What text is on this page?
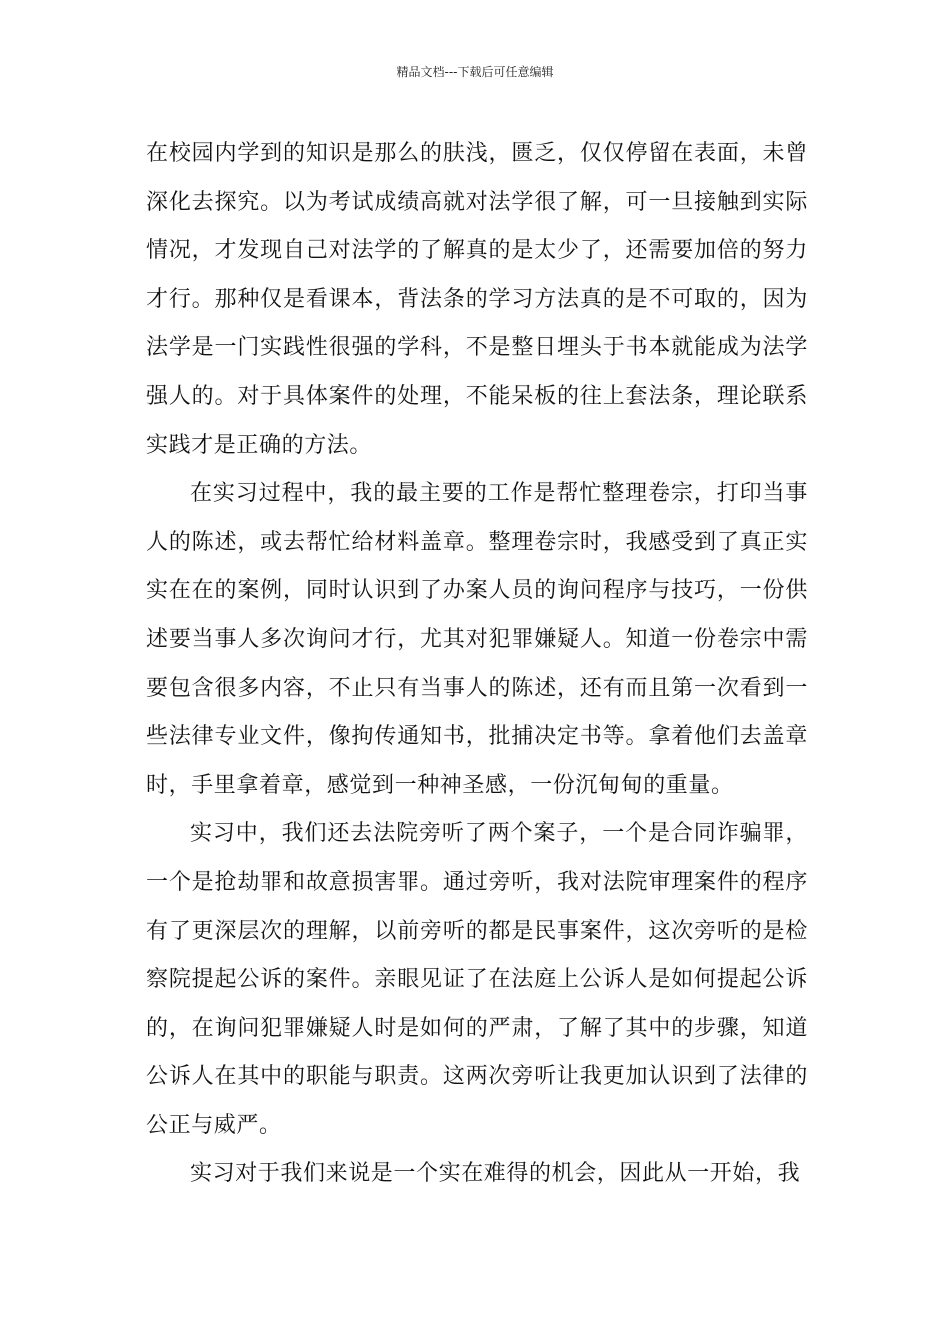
精品文档---下载后可任意编辑

在校园内学到的知识是那么的肤浅，匮乏，仅仅停留在表面，未曾深化去探究。以为考试成绩高就对法学很了解，可一旦接触到实际情况，才发现自己对法学的了解真的是太少了，还需要加倍的努力才行。那种仅是看课本，背法条的学习方法真的是不可取的，因为法学是一门实践性很强的学科，不是整日埋头于书本就能成为法学强人的。对于具体案件的处理，不能呆板的往上套法条，理论联系实践才是正确的方法。

在实习过程中，我的最主要的工作是帮忙整理卷宗，打印当事人的陈述，或去帮忙给材料盖章。整理卷宗时，我感受到了真正实实在在的案例，同时认识到了办案人员的询问程序与技巧，一份供述要当事人多次询问才行，尤其对犯罪嫌疑人。知道一份卷宗中需要包含很多内容，不止只有当事人的陈述，还有而且第一次看到一些法律专业文件，像拘传通知书，批捕决定书等。拿着他们去盖章时，手里拿着章，感觉到一种神圣感，一份沉甸甸的重量。

实习中，我们还去法院旁听了两个案子，一个是合同诈骗罪，一个是抢劫罪和故意损害罪。通过旁听，我对法院审理案件的程序有了更深层次的理解，以前旁听的都是民事案件，这次旁听的是检察院提起公诉的案件。亲眼见证了在法庭上公诉人是如何提起公诉的，在询问犯罪嫌疑人时是如何的严肃，了解了其中的步骤，知道公诉人在其中的职能与职责。这两次旁听让我更加认识到了法律的公正与威严。

实习对于我们来说是一个实在难得的机会，因此从一开始，我
